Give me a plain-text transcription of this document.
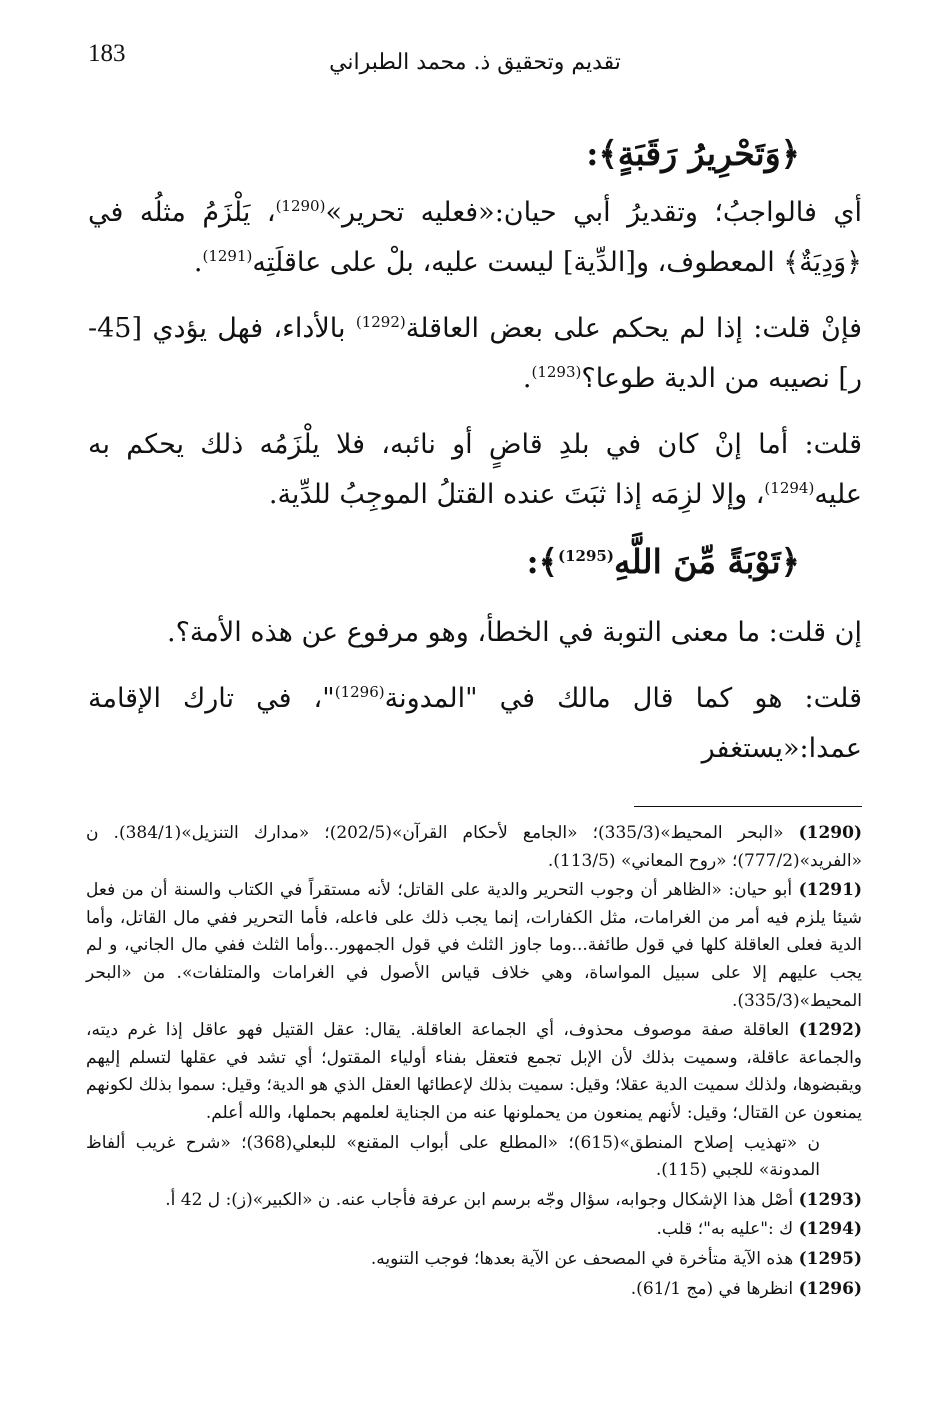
183	تقديم وتحقيق ذ. محمد الطبراني

﴿وَتَحْرِيرُ رَقَبَةٍ﴾:

أي فالواجبُ؛ وتقديرُ أبي حيان:«فعليه تحرير»$^{(1290)}$، يَلْزَمُ مثلُه في ﴿وَدِيَةٌ﴾ المعطوف، و[الدِّية] ليست عليه، بلْ على عاقلَتِه$^{(1291)}$.

فإنْ قلت: إذا لم يحكم على بعض العاقلة$^{(1292)}$ بالأداء، فهل يؤدي [45-ر] نصيبه من الدية طوعا؟$^{(1293)}$.

قلت: أما إنْ كان في بلدِ قاضٍ أو نائبه، فلا يلْزَمُه ذلك يحكم به عليه$^{(1294)}$، وإلا لزِمَه إذا ثبَتَ عنده القتلُ الموجِبُ للدِّية.

﴿تَوْبَةً مِّنَ اللَّهِ$^{(1295)}$﴾:

إن قلت: ما معنى التوبة في الخطأ، وهو مرفوع عن هذه الأمة؟.

قلت: هو كما قال مالك في "المدونة$^{(1296)}$"، في تارك الإقامة عمدا:«يستغفر

(1290) «البحر المحيط»(335/3)؛ «الجامع لأحكام القرآن»(202/5)؛ «مدارك التنزيل»(384/1). ن «الفريد»(777/2)؛ «روح المعاني» (113/5).

(1291) أبو حيان: «الظاهر أن وجوب التحرير والدية على القاتل؛ لأنه مستقراً في الكتاب والسنة أن من فعل شيئا يلزم فيه أمر من الغرامات، مثل الكفارات، إنما يجب ذلك على فاعله، فأما التحرير ففي مال القاتل، وأما الدية فعلى العاقلة كلها في قول طائفة...وما جاوز الثلث في قول الجمهور...وأما الثلث ففي مال الجاني، و لم يجب عليهم إلا على سبيل المواساة، وهي خلاف قياس الأصول في الغرامات والمتلفات». من «البحر المحيط»(335/3).

(1292) العاقلة صفة موصوف محذوف، أي الجماعة العاقلة. يقال: عقل القتيل فهو عاقل إذا غرم ديته، والجماعة عاقلة، وسميت بذلك لأن الإبل تجمع فتعقل بفناء أولياء المقتول؛ أي تشد في عقلها لتسلم إليهم ويقبضوها، ولذلك سميت الدية عقلا؛ وقيل: سميت بذلك لإعطائها العقل الذي هو الدية؛ وقيل: سموا بذلك لكونهم يمنعون عن القتال؛ وقيل: لأنهم يمنعون من يحملونها عنه من الجناية لعلمهم بحملها، والله أعلم.

ن «تهذيب إصلاح المنطق»(615)؛ «المطلع على أبواب المقنع» للبعلي(368)؛ «شرح غريب ألفاظ المدونة» للجبي (115).

(1293) أصْل هذا الإشكال وجوابه، سؤال وجّه برسم ابن عرفة فأجاب عنه. ن «الكبير»(ز): ل 42 أ.

(1294) ك :"عليه به"؛ قلب.

(1295) هذه الآية متأخرة في المصحف عن الآية بعدها؛ فوجب التنويه.

(1296) انظرها في (مج 61/1).
